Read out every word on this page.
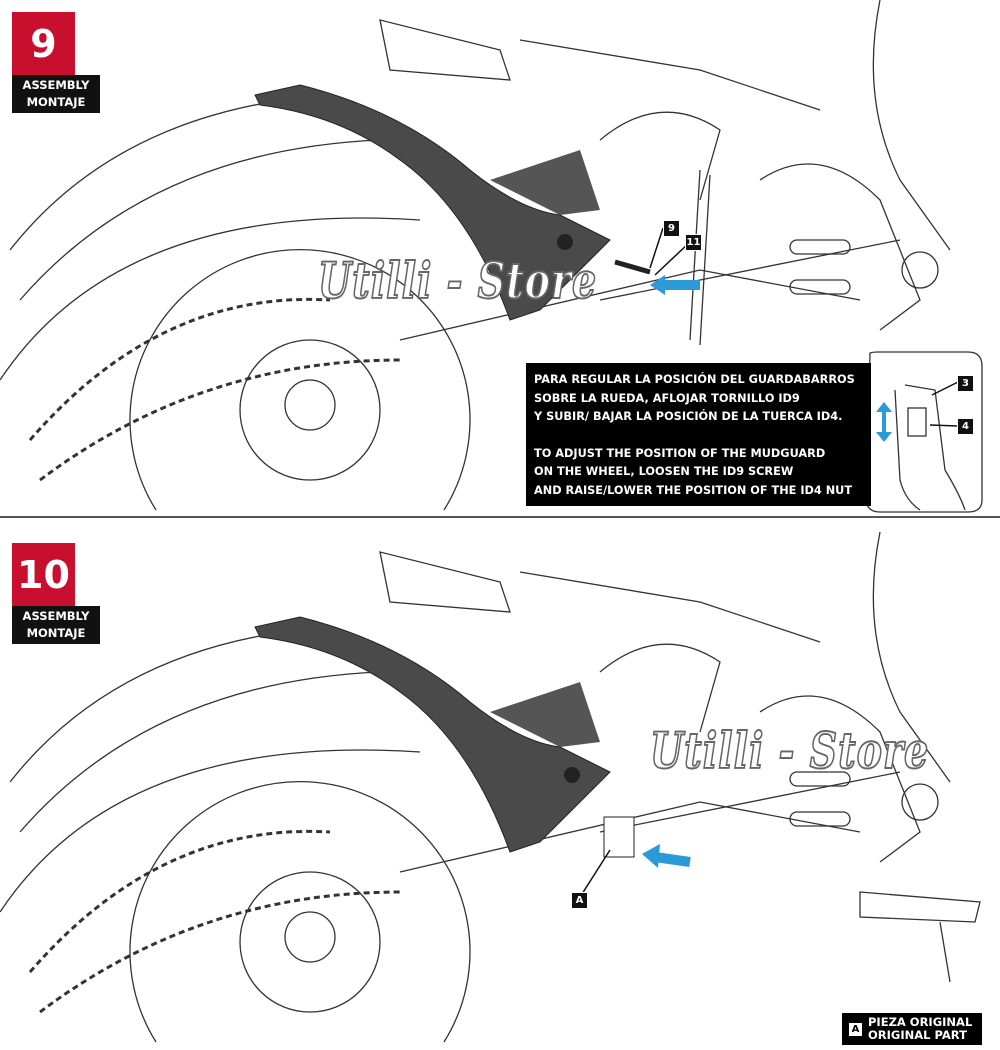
9
ASSEMBLY
MONTAJE
Utilli - Store
9
11
3
4

PARA REGULAR LA POSICIÓN DEL GUARDABARROS
SOBRE LA RUEDA, AFLOJAR TORNILLO ID9
Y SUBIR/ BAJAR LA POSICIÓN DE LA TUERCA ID4.

TO ADJUST THE POSITION OF THE MUDGUARD
ON THE WHEEL, LOOSEN THE ID9 SCREW
AND RAISE/LOWER THE POSITION OF THE ID4 NUT

10
ASSEMBLY
MONTAJE
Utilli - Store
A
A PIEZA ORIGINAL
ORIGINAL PART
